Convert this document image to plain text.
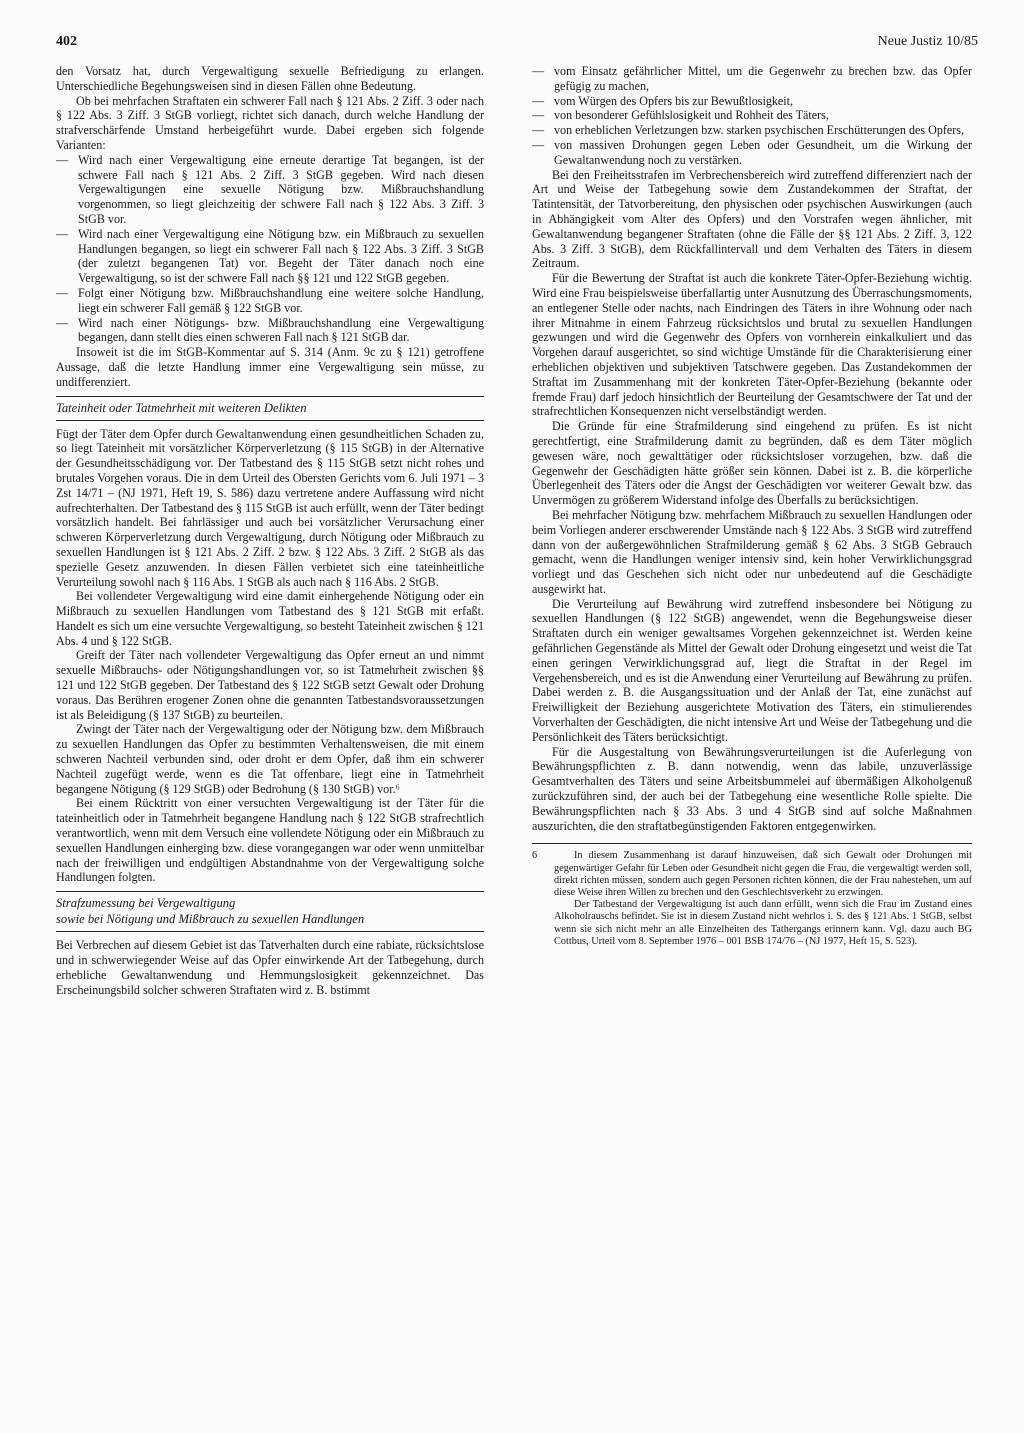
402	Neue Justiz 10/85

den Vorsatz hat, durch Vergewaltigung sexuelle Befriedigung zu erlangen. Unterschiedliche Begehungsweisen sind in diesen Fällen ohne Bedeutung.

Ob bei mehrfachen Straftaten ein schwerer Fall nach § 121 Abs. 2 Ziff. 3 oder nach § 122 Abs. 3 Ziff. 3 StGB vorliegt, richtet sich danach, durch welche Handlung der strafverschärfende Umstand herbeigeführt wurde. Dabei ergeben sich folgende Varianten:

— Wird nach einer Vergewaltigung eine erneute derartige Tat begangen, ist der schwere Fall nach § 121 Abs. 2 Ziff. 3 StGB gegeben. Wird nach diesen Vergewaltigungen eine sexuelle Nötigung bzw. Mißbrauchshandlung vorgenommen, so liegt gleichzeitig der schwere Fall nach § 122 Abs. 3 Ziff. 3 StGB vor.
— Wird nach einer Vergewaltigung eine Nötigung bzw. ein Mißbrauch zu sexuellen Handlungen begangen, so liegt ein schwerer Fall nach § 122 Abs. 3 Ziff. 3 StGB (der zuletzt begangenen Tat) vor. Begeht der Täter danach noch eine Vergewaltigung, so ist der schwere Fall nach §§ 121 und 122 StGB gegeben.
— Folgt einer Nötigung bzw. Mißbrauchshandlung eine weitere solche Handlung, liegt ein schwerer Fall gemäß § 122 StGB vor.
— Wird nach einer Nötigungs- bzw. Mißbrauchshandlung eine Vergewaltigung begangen, dann stellt dies einen schweren Fall nach § 121 StGB dar.

Insoweit ist die im StGB-Kommentar auf S. 314 (Anm. 9c zu § 121) getroffene Aussage, daß die letzte Handlung immer eine Vergewaltigung sein müsse, zu undifferenziert.

Tateinheit oder Tatmehrheit mit weiteren Delikten

Fügt der Täter dem Opfer durch Gewaltanwendung einen gesundheitlichen Schaden zu, so liegt Tateinheit mit vorsätzlicher Körperverletzung (§ 115 StGB) in der Alternative der Gesundheitsschädigung vor. Der Tatbestand des § 115 StGB setzt nicht rohes und brutales Vorgehen voraus. Die in dem Urteil des Obersten Gerichts vom 6. Juli 1971 – 3 Zst 14/71 – (NJ 1971, Heft 19, S. 586) dazu vertretene andere Auffassung wird nicht aufrechterhalten. Der Tatbestand des § 115 StGB ist auch erfüllt, wenn der Täter bedingt vorsätzlich handelt. Bei fahrlässiger und auch bei vorsätzlicher Verursachung einer schweren Körperverletzung durch Vergewaltigung, durch Nötigung oder Mißbrauch zu sexuellen Handlungen ist § 121 Abs. 2 Ziff. 2 bzw. § 122 Abs. 3 Ziff. 2 StGB als das spezielle Gesetz anzuwenden. In diesen Fällen verbietet sich eine tateinheitliche Verurteilung sowohl nach § 116 Abs. 1 StGB als auch nach § 116 Abs. 2 StGB.

Bei vollendeter Vergewaltigung wird eine damit einhergehende Nötigung oder ein Mißbrauch zu sexuellen Handlungen vom Tatbestand des § 121 StGB mit erfaßt. Handelt es sich um eine versuchte Vergewaltigung, so besteht Tateinheit zwischen § 121 Abs. 4 und § 122 StGB.

Greift der Täter nach vollendeter Vergewaltigung das Opfer erneut an und nimmt sexuelle Mißbrauchs- oder Nötigungshandlungen vor, so ist Tatmehrheit zwischen §§ 121 und 122 StGB gegeben. Der Tatbestand des § 122 StGB setzt Gewalt oder Drohung voraus. Das Berühren erogener Zonen ohne die genannten Tatbestandsvoraussetzungen ist als Beleidigung (§ 137 StGB) zu beurteilen.

Zwingt der Täter nach der Vergewaltigung oder der Nötigung bzw. dem Mißbrauch zu sexuellen Handlungen das Opfer zu bestimmten Verhaltensweisen, die mit einem schweren Nachteil verbunden sind, oder droht er dem Opfer, daß ihm ein schwerer Nachteil zugefügt werde, wenn es die Tat offenbare, liegt eine in Tatmehrheit begangene Nötigung (§ 129 StGB) oder Bedrohung (§ 130 StGB) vor.⁶

Bei einem Rücktritt von einer versuchten Vergewaltigung ist der Täter für die tateinheitlich oder in Tatmehrheit begangene Handlung nach § 122 StGB strafrechtlich verantwortlich, wenn mit dem Versuch eine vollendete Nötigung oder ein Mißbrauch zu sexuellen Handlungen einherging bzw. diese vorangegangen war oder wenn unmittelbar nach der freiwilligen und endgültigen Abstandnahme von der Vergewaltigung solche Handlungen folgten.

Strafzumessung bei Vergewaltigung
sowie bei Nötigung und Mißbrauch zu sexuellen Handlungen

Bei Verbrechen auf diesem Gebiet ist das Tatverhalten durch eine rabiate, rücksichtslose und in schwerwiegender Weise auf das Opfer einwirkende Art der Tatbegehung, durch erhebliche Gewaltanwendung und Hemmungslosigkeit gekennzeichnet. Das Erscheinungsbild solcher schweren Straftaten wird z. B. bstimmt

— vom Einsatz gefährlicher Mittel, um die Gegenwehr zu brechen bzw. das Opfer gefügig zu machen,
— vom Würgen des Opfers bis zur Bewußtlosigkeit,
— von besonderer Gefühlslosigkeit und Rohheit des Täters,
— von erheblichen Verletzungen bzw. starken psychischen Erschütterungen des Opfers,
— von massiven Drohungen gegen Leben oder Gesundheit, um die Wirkung der Gewaltanwendung noch zu verstärken.

Bei den Freiheitsstrafen im Verbrechensbereich wird zutreffend differenziert nach der Art und Weise der Tatbegehung sowie dem Zustandekommen der Straftat, der Tatintensität, der Tatvorbereitung, den physischen oder psychischen Auswirkungen (auch in Abhängigkeit vom Alter des Opfers) und den Vorstrafen wegen ähnlicher, mit Gewaltanwendung begangener Straftaten (ohne die Fälle der §§ 121 Abs. 2 Ziff. 3, 122 Abs. 3 Ziff. 3 StGB), dem Rückfallintervall und dem Verhalten des Täters in diesem Zeitraum.

Für die Bewertung der Straftat ist auch die konkrete Täter-Opfer-Beziehung wichtig. Wird eine Frau beispielsweise überfallartig unter Ausnutzung des Überraschungsmoments, an entlegener Stelle oder nachts, nach Eindringen des Täters in ihre Wohnung oder nach ihrer Mitnahme in einem Fahrzeug rücksichtslos und brutal zu sexuellen Handlungen gezwungen und wird die Gegenwehr des Opfers von vornherein einkalkuliert und das Vorgehen darauf ausgerichtet, so sind wichtige Umstände für die Charakterisierung einer erheblichen objektiven und subjektiven Tatschwere gegeben. Das Zustandekommen der Straftat im Zusammenhang mit der konkreten Täter-Opfer-Beziehung (bekannte oder fremde Frau) darf jedoch hinsichtlich der Beurteilung der Gesamtschwere der Tat und der strafrechtlichen Konsequenzen nicht verselbständigt werden.

Die Gründe für eine Strafmilderung sind eingehend zu prüfen. Es ist nicht gerechtfertigt, eine Strafmilderung damit zu begründen, daß es dem Täter möglich gewesen wäre, noch gewalttätiger oder rücksichtsloser vorzugehen, bzw. daß die Gegenwehr der Geschädigten hätte größer sein können. Dabei ist z. B. die körperliche Überlegenheit des Täters oder die Angst der Geschädigten vor weiterer Gewalt bzw. das Unvermögen zu größerem Widerstand infolge des Überfalls zu berücksichtigen.

Bei mehrfacher Nötigung bzw. mehrfachem Mißbrauch zu sexuellen Handlungen oder beim Vorliegen anderer erschwerender Umstände nach § 122 Abs. 3 StGB wird zutreffend dann von der außergewöhnlichen Strafmilderung gemäß § 62 Abs. 3 StGB Gebrauch gemacht, wenn die Handlungen weniger intensiv sind, kein hoher Verwirklichungsgrad vorliegt und das Geschehen sich nicht oder nur unbedeutend auf die Geschädigte ausgewirkt hat.

Die Verurteilung auf Bewährung wird zutreffend insbesondere bei Nötigung zu sexuellen Handlungen (§ 122 StGB) angewendet, wenn die Begehungsweise dieser Straftaten durch ein weniger gewaltsames Vorgehen gekennzeichnet ist. Werden keine gefährlichen Gegenstände als Mittel der Gewalt oder Drohung eingesetzt und weist die Tat einen geringen Verwirklichungsgrad auf, liegt die Straftat in der Regel im Vergehensbereich, und es ist die Anwendung einer Verurteilung auf Bewährung zu prüfen. Dabei werden z. B. die Ausgangssituation und der Anlaß der Tat, eine zunächst auf Freiwilligkeit der Beziehung ausgerichtete Motivation des Täters, ein stimulierendes Vorverhalten der Geschädigten, die nicht intensive Art und Weise der Tatbegehung und die Persönlichkeit des Täters berücksichtigt.

Für die Ausgestaltung von Bewährungsverurteilungen ist die Auferlegung von Bewährungspflichten z. B. dann notwendig, wenn das labile, unzuverlässige Gesamtverhalten des Täters und seine Arbeitsbummelei auf übermäßigen Alkoholgenuß zurückzuführen sind, der auch bei der Tatbegehung eine wesentliche Rolle spielte. Die Bewährungspflichten nach § 33 Abs. 3 und 4 StGB sind auf solche Maßnahmen auszurichten, die den straftatbegünstigenden Faktoren entgegenwirken.

6	In diesem Zusammenhang ist darauf hinzuweisen, daß sich Gewalt oder Drohungen mit gegenwärtiger Gefahr für Leben oder Gesundheit nicht gegen die Frau, die vergewaltigt werden soll, direkt richten müssen, sondern auch gegen Personen richten können, die der Frau nahestehen, um auf diese Weise ihren Willen zu brechen und den Geschlechtsverkehr zu erzwingen.

Der Tatbestand der Vergewaltigung ist auch dann erfüllt, wenn sich die Frau im Zustand eines Alkoholrauschs befindet. Sie ist in diesem Zustand nicht wehrlos i. S. des § 121 Abs. 1 StGB, selbst wenn sie sich nicht mehr an alle Einzelheiten des Tathergangs erinnern kann. Vgl. dazu auch BG Cottbus, Urteil vom 8. September 1976 – 001 BSB 174/76 – (NJ 1977, Heft 15, S. 523).
